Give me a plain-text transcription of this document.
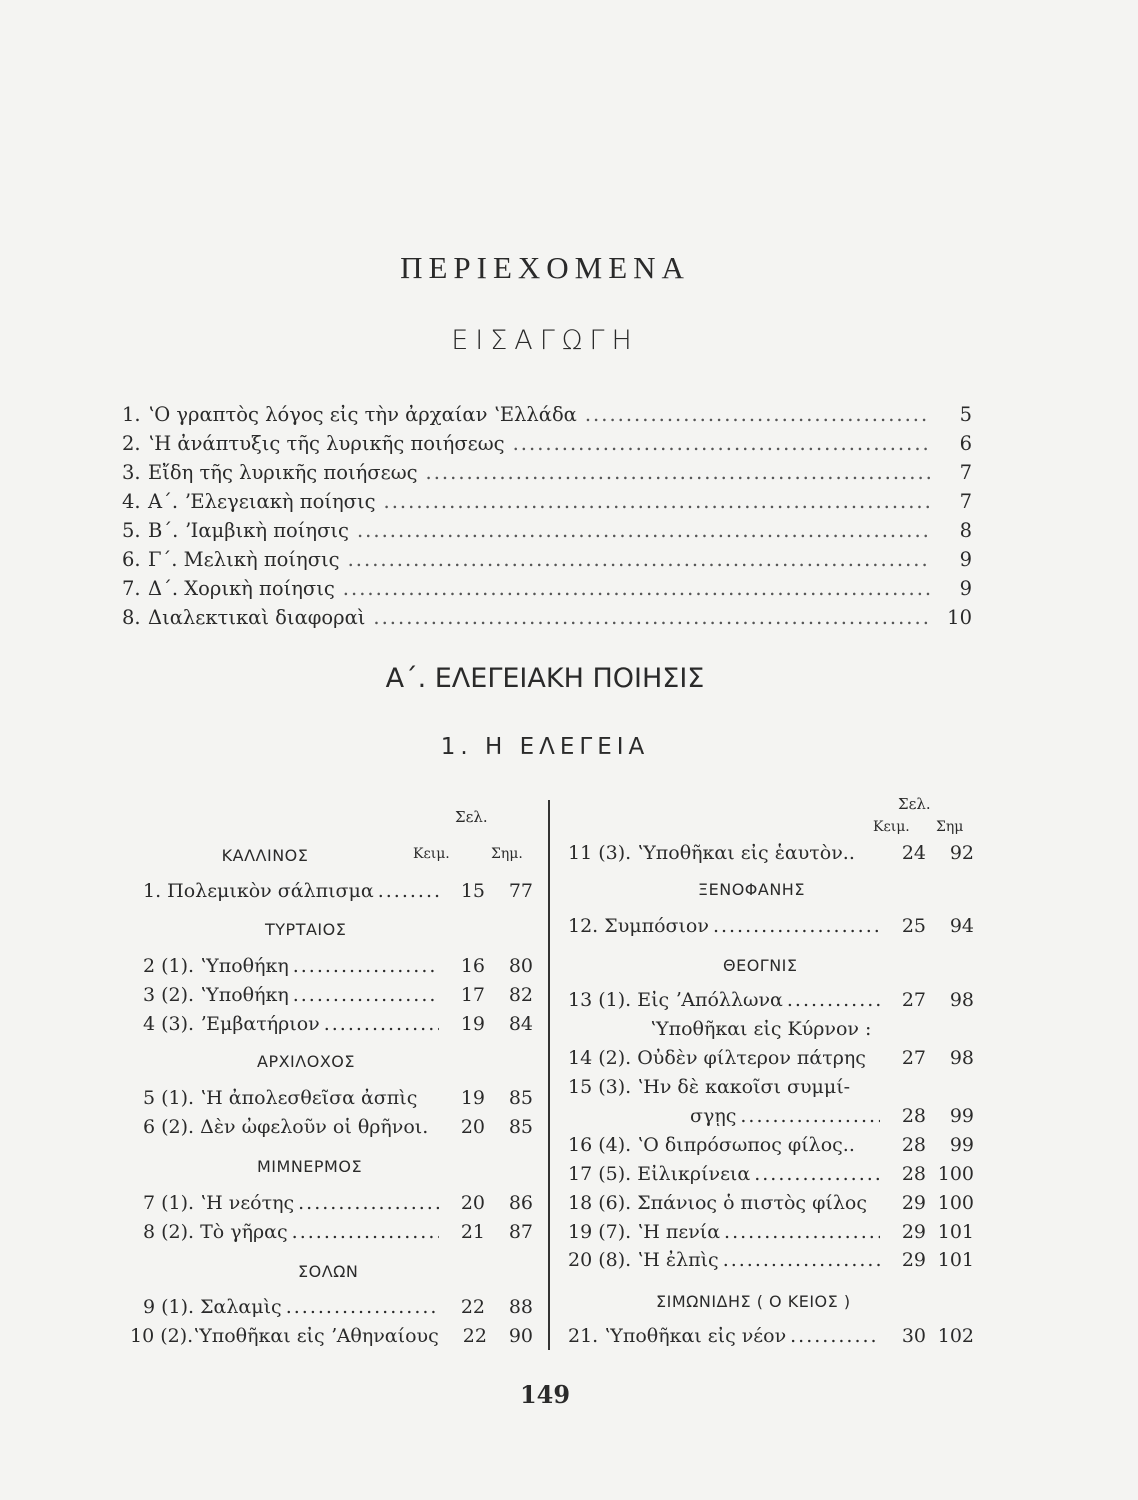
ΠΕΡΙΕΧΟΜΕΝΑ
ΕΙΣΑΓΩΓΗ
1. ʽΟ γραπτὸς λόγος εἰς τὴν ἀρχαίαν ʽΕλλάδα .....	5
2. ʽΗ ἀνάπτυξις τῆς λυρικῆς ποιήσεως .....	6
3. Εἴδη τῆς λυρικῆς ποιήσεως .....	7
4. Α΄. ʼΕλεγειακὴ ποίησις .....	7
5. Β΄. ʼΙαμβικὴ ποίησις .....	8
6. Γ΄. Μελικὴ ποίησις .....	9
7. Δ΄. Χορικὴ ποίησις .....	9
8. Διαλεκτικαὶ διαφοραὶ .....	10
Α΄. ΕΛΕΓΕΙΑΚΗ ΠΟΙΗΣΙΣ
1. Η ΕΛΕΓΕΙΑ
Σελ.
ΚΑΛΛΙΝΟΣ	Κειμ.	Σημ.
1. Πολεμικὸν σάλπισμα .....	15	77
ΤΥΡΤΑΙΟΣ
2 (1). ʽΥποθήκη .....	16	80
3 (2). ʽΥποθήκη .....	17	82
4 (3). ʼΕμβατήριον .....	19	84
ΑΡΧΙΛΟΧΟΣ
5 (1). ʽΗ ἀπολεσθεῖσα ἀσπὶς	19	85
6 (2). Δὲν ὠφελοῦν οἱ θρῆνοι.	20	85
ΜΙΜΝΕΡΜΟΣ
7 (1). ʽΗ νεότης .....	20	86
8 (2). Τὸ γῆρας .....	21	87
ΣΟΛΩΝ
9 (1). Σαλαμὶς .....	22	88
10 (2).ʽΥποθῆκαι εἰς ʼΑθηναίους	22	90
Σελ.
Κειμ. Σημ
11 (3). ʽΥποθῆκαι εἰς ἑαυτὸν..	24	92
ΞΕΝΟΦΑΝΗΣ
12. Συμπόσιον .....	25	94
ΘΕΟΓΝΙΣ
13 (1). Εἰς ʼΑπόλλωνα .....	27	98
ʽΥποθῆκαι εἰς Κύρνον :
14 (2). Οὐδὲν φίλτερον πάτρης	27	98
15 (3). ʽΗν δὲ κακοῖσι συμμί-
σγῃς .....	28	99
16 (4). ʽΟ διπρόσωπος φίλος..	28	99
17 (5). Εἰλικρίνεια .....	28 100
18 (6). Σπάνιος ὁ πιστὸς φίλος	29 100
19 (7). ʽΗ πενία .....	29 101
20 (8). ʽΗ ἐλπὶς .....	29 101
ΣΙΜΩΝΙΔΗΣ ( Ο ΚΕΙΟΣ )
21. ʽΥποθῆκαι εἰς νέον .....	30 102
149
